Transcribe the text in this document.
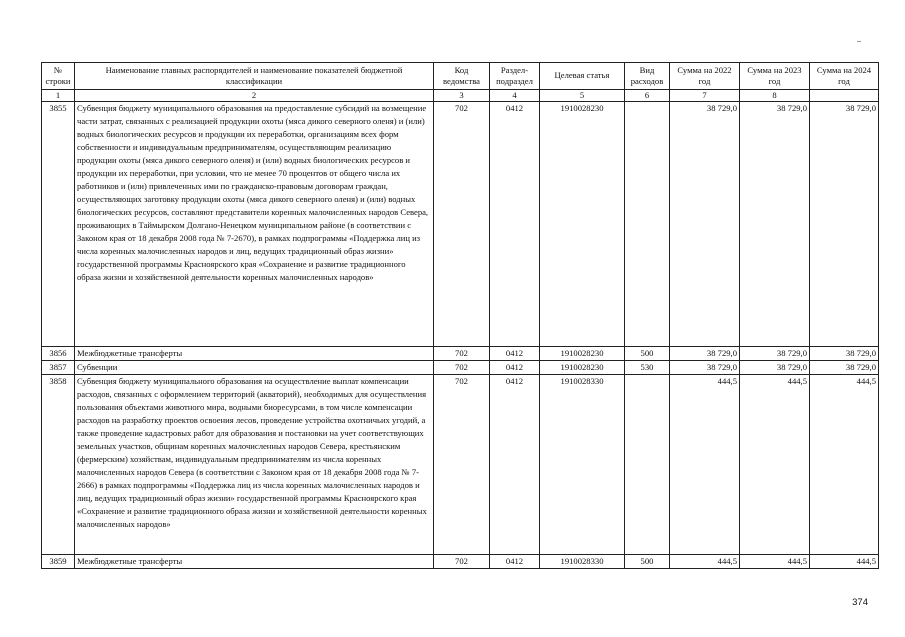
№ строки	Наименование главных распорядителей и наименование показателей бюджетной классификации	Код ведомства	Раздел-подраздел	Целевая статья	Вид расходов	Сумма на 2022 год	Сумма на 2023 год	Сумма на 2024 год
1	2	3	4	5	6	7	8	
3855	Субвенция бюджету муниципального образования на предоставление субсидий на возмещение части затрат, связанных с реализацией продукции охоты (мяса дикого северного оленя) и (или) водных биологических ресурсов и продукции их переработки, организациям всех форм собственности и индивидуальным предпринимателям, осуществляющим реализацию продукции охоты (мяса дикого северного оленя) и (или) водных биологических ресурсов и продукции их переработки, при условии, что не менее 70 процентов от общего числа их работников и (или) привлеченных ими по гражданско-правовым договорам граждан, осуществляющих заготовку продукции охоты (мяса дикого северного оленя) и (или) водных биологических ресурсов, составляют представители коренных малочисленных народов Севера, проживающих в Таймырском Долгано-Ненецком муниципальном районе (в соответствии с Законом края от 18 декабря 2008 года № 7-2670), в рамках подпрограммы «Поддержка лиц из числа коренных малочисленных народов и лиц, ведущих традиционный образ жизни» государственной программы Красноярского края «Сохранение и развитие традиционного образа жизни и хозяйственной деятельности коренных малочисленных народов»	702	0412	1910028230		38 729,0	38 729,0	38 729,0
3856	Межбюджетные трансферты	702	0412	1910028230	500	38 729,0	38 729,0	38 729,0
3857	Субвенции	702	0412	1910028230	530	38 729,0	38 729,0	38 729,0
3858	Субвенция бюджету муниципального образования на осуществление выплат компенсации расходов, связанных с оформлением территорий (акваторий), необходимых для осуществления пользования объектами животного мира, водными биоресурсами, в том числе компенсации расходов на разработку проектов освоения лесов, проведение устройства охотничьих угодий, а также проведение кадастровых работ для образования и постановки на учет соответствующих земельных участков, общинам коренных малочисленных народов Севера, крестьянским (фермерским) хозяйствам, индивидуальным предпринимателям из числа коренных малочисленных народов Севера (в соответствии с Законом края от 18 декабря 2008 года № 7-2666) в рамках подпрограммы «Поддержка лиц из числа коренных малочисленных народов и лиц, ведущих традиционный образ жизни» государственной программы Красноярского края «Сохранение и развитие традиционного образа жизни и хозяйственной деятельности коренных малочисленных народов»	702	0412	1910028330		444,5	444,5	444,5
3859	Межбюджетные трансферты	702	0412	1910028330	500	444,5	444,5	444,5
374
